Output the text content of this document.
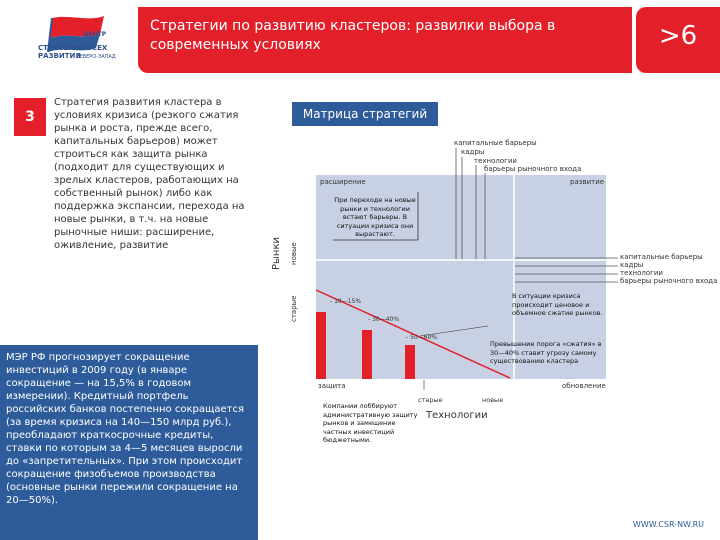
СТРАТЕГИИ ВСЕХ
РАЗВИТИЯ
ЦЕНТР
СЕВЕРО-ЗАПАД
Стратегии по развитию кластеров: развилки выбора в современных условиях	>6
3
Стратегия развития кластера в условиях кризиса (резкого сжатия рынка и роста, прежде всего, капитальных барьеров) может строиться как защита рынка (подходит для существующих и зрелых кластеров, работающих на собственный рынок) либо как поддержка экспансии, перехода на новые рынки, в т.ч. на новые рыночные ниши: расширение, оживление, развитие
МЭР РФ прогнозирует сокращение инвестиций в 2009 году (в январе сокращение — на 15,5% в годовом измерении). Кредитный портфель российских банков постепенно сокращается (за время кризиса на 140—150 млрд руб.), преобладают краткосрочные кредиты, ставки по которым за 4—5 месяцев выросли до «запретительных». При этом происходит сокращение физобъемов производства (основные рынки пережили сокращение на 20—50%).
Матрица стратегий
Рынки новые
старые
капитальные барьеры
кадры
технологии
барьеры рыночного входа
капитальные барьеры
кадры
технологии
барьеры рыночного входа
расширение	развитие
защита	обновление
При переходе на новые рынки и технологии встают барьеры. В ситуации кризиса они вырастают.
В ситуации кризиса происходит ценовое и объемное сжатие рынков.
Превышение порога «сжатия» в 30—40% ставит угрозу самому существованию кластера
Компании лоббируют административную защиту рынков и замещение частных инвестиций бюджетными.
- 10—15%
- 30—40%
- 50—60%
старые	новые
Технологии
WWW.CSR-NW.RU
